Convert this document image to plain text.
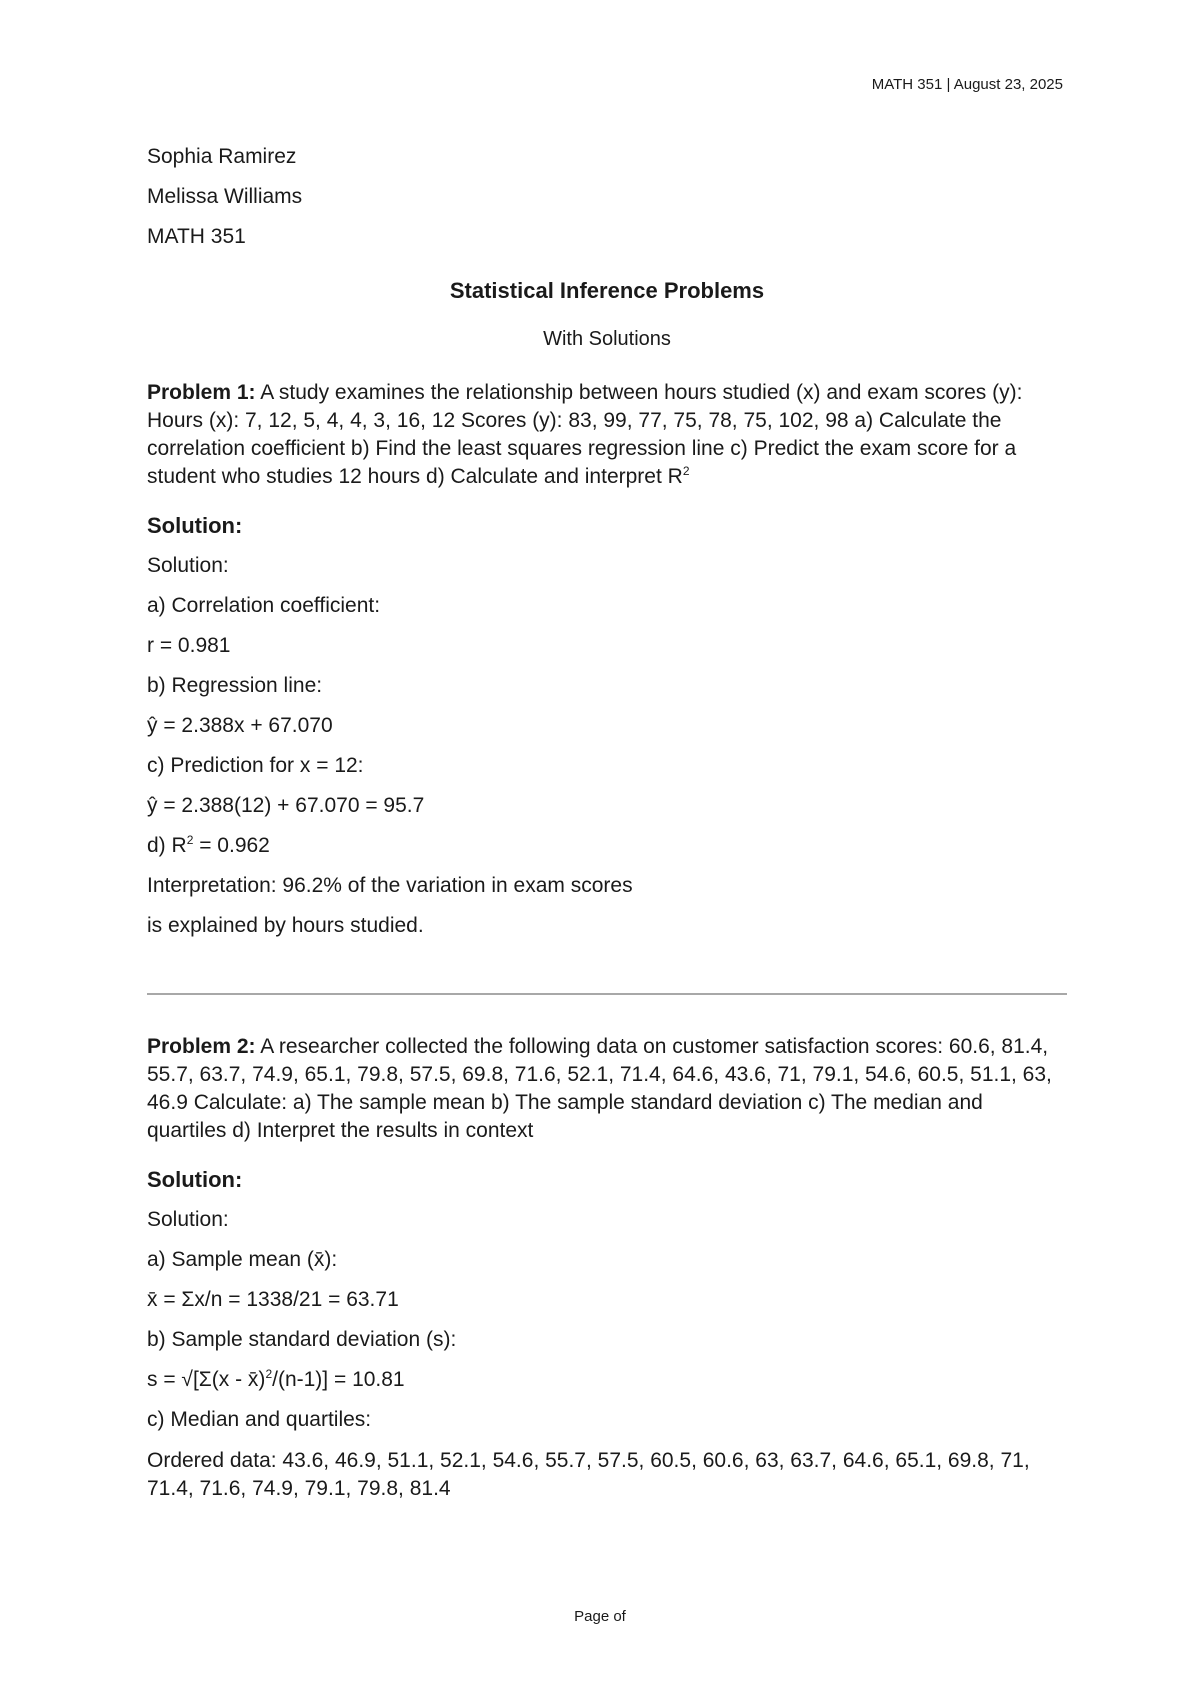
MATH 351 | August 23, 2025
Sophia Ramirez
Melissa Williams
MATH 351
Statistical Inference Problems
With Solutions
Problem 1: A study examines the relationship between hours studied (x) and exam scores (y): Hours (x): 7, 12, 5, 4, 4, 3, 16, 12 Scores (y): 83, 99, 77, 75, 78, 75, 102, 98 a) Calculate the correlation coefficient b) Find the least squares regression line c) Predict the exam score for a student who studies 12 hours d) Calculate and interpret $R^2$
Solution:
Solution:
a) Correlation coefficient:
r = 0.981
b) Regression line:
ŷ = 2.388x + 67.070
c) Prediction for x = 12:
ŷ = 2.388(12) + 67.070 = 95.7
d) $R^2 = 0.962$
Interpretation: 96.2% of the variation in exam scores
is explained by hours studied.
Problem 2: A researcher collected the following data on customer satisfaction scores: 60.6, 81.4, 55.7, 63.7, 74.9, 65.1, 79.8, 57.5, 69.8, 71.6, 52.1, 71.4, 64.6, 43.6, 71, 79.1, 54.6, 60.5, 51.1, 63, 46.9 Calculate: a) The sample mean b) The sample standard deviation c) The median and quartiles d) Interpret the results in context
Solution:
Solution:
a) Sample mean (x̄):
x̄ = Σx/n = 1338/21 = 63.71
b) Sample standard deviation (s):
s = √[Σ(x - x̄)$^2$/(n-1)] = 10.81
c) Median and quartiles:
Ordered data: 43.6, 46.9, 51.1, 52.1, 54.6, 55.7, 57.5, 60.5, 60.6, 63, 63.7, 64.6, 65.1, 69.8, 71, 71.4, 71.6, 74.9, 79.1, 79.8, 81.4
Page of
